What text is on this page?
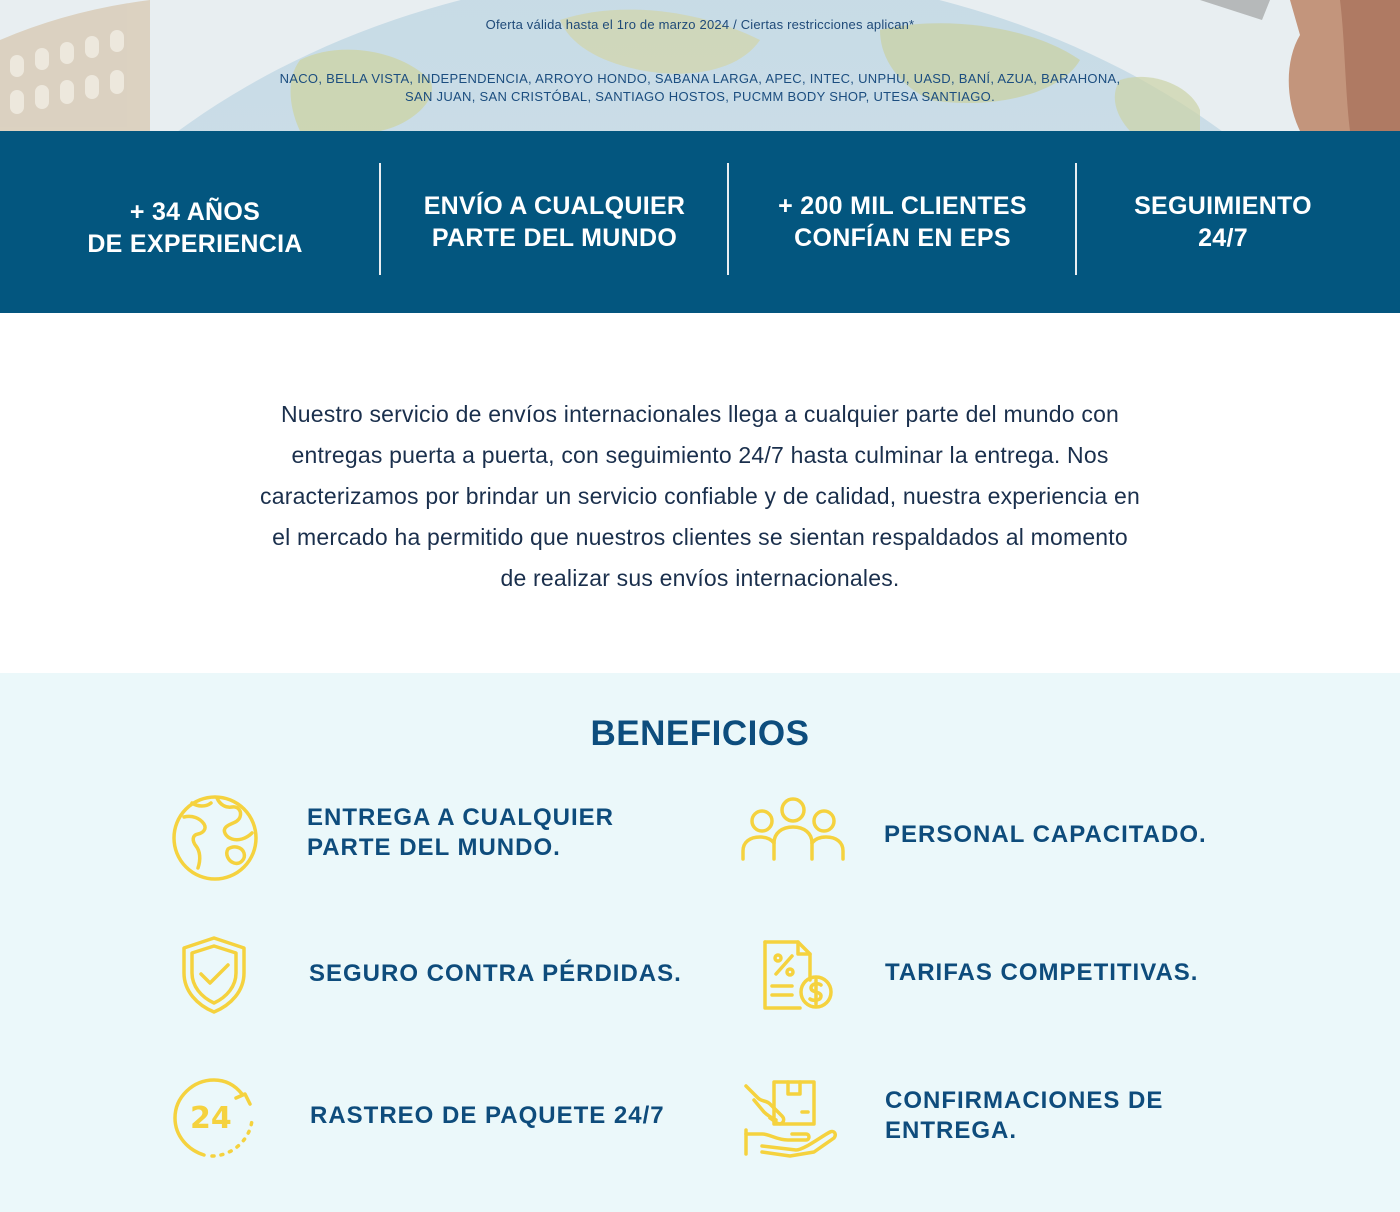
Oferta válida hasta el 1ro de marzo 2024 / Ciertas restricciones aplican*

NACO, BELLA VISTA, INDEPENDENCIA, ARROYO HONDO, SABANA LARGA, APEC, INTEC, UNPHU, UASD, BANÍ, AZUA, BARAHONA,
SAN JUAN, SAN CRISTÓBAL, SANTIAGO HOSTOS, PUCMM BODY SHOP, UTESA SANTIAGO.
+ 34 AÑOS
DE EXPERIENCIA
ENVÍO A CUALQUIER
PARTE DEL MUNDO
+ 200 MIL CLIENTES
CONFÍAN EN EPS
SEGUIMIENTO
24/7
Nuestro servicio de envíos internacionales llega a cualquier parte del mundo con
entregas puerta a puerta, con seguimiento 24/7 hasta culminar la entrega. Nos
caracterizamos por brindar un servicio confiable y de calidad, nuestra experiencia en
el mercado ha permitido que nuestros clientes se sientan respaldados al momento
de realizar sus envíos internacionales.
BENEFICIOS
ENTREGA A CUALQUIER
PARTE DEL MUNDO.	PERSONAL CAPACITADO.
SEGURO CONTRA PÉRDIDAS.	TARIFAS COMPETITIVAS.
24	RASTREO DE PAQUETE 24/7
CONFIRMACIONES DE
ENTREGA.
